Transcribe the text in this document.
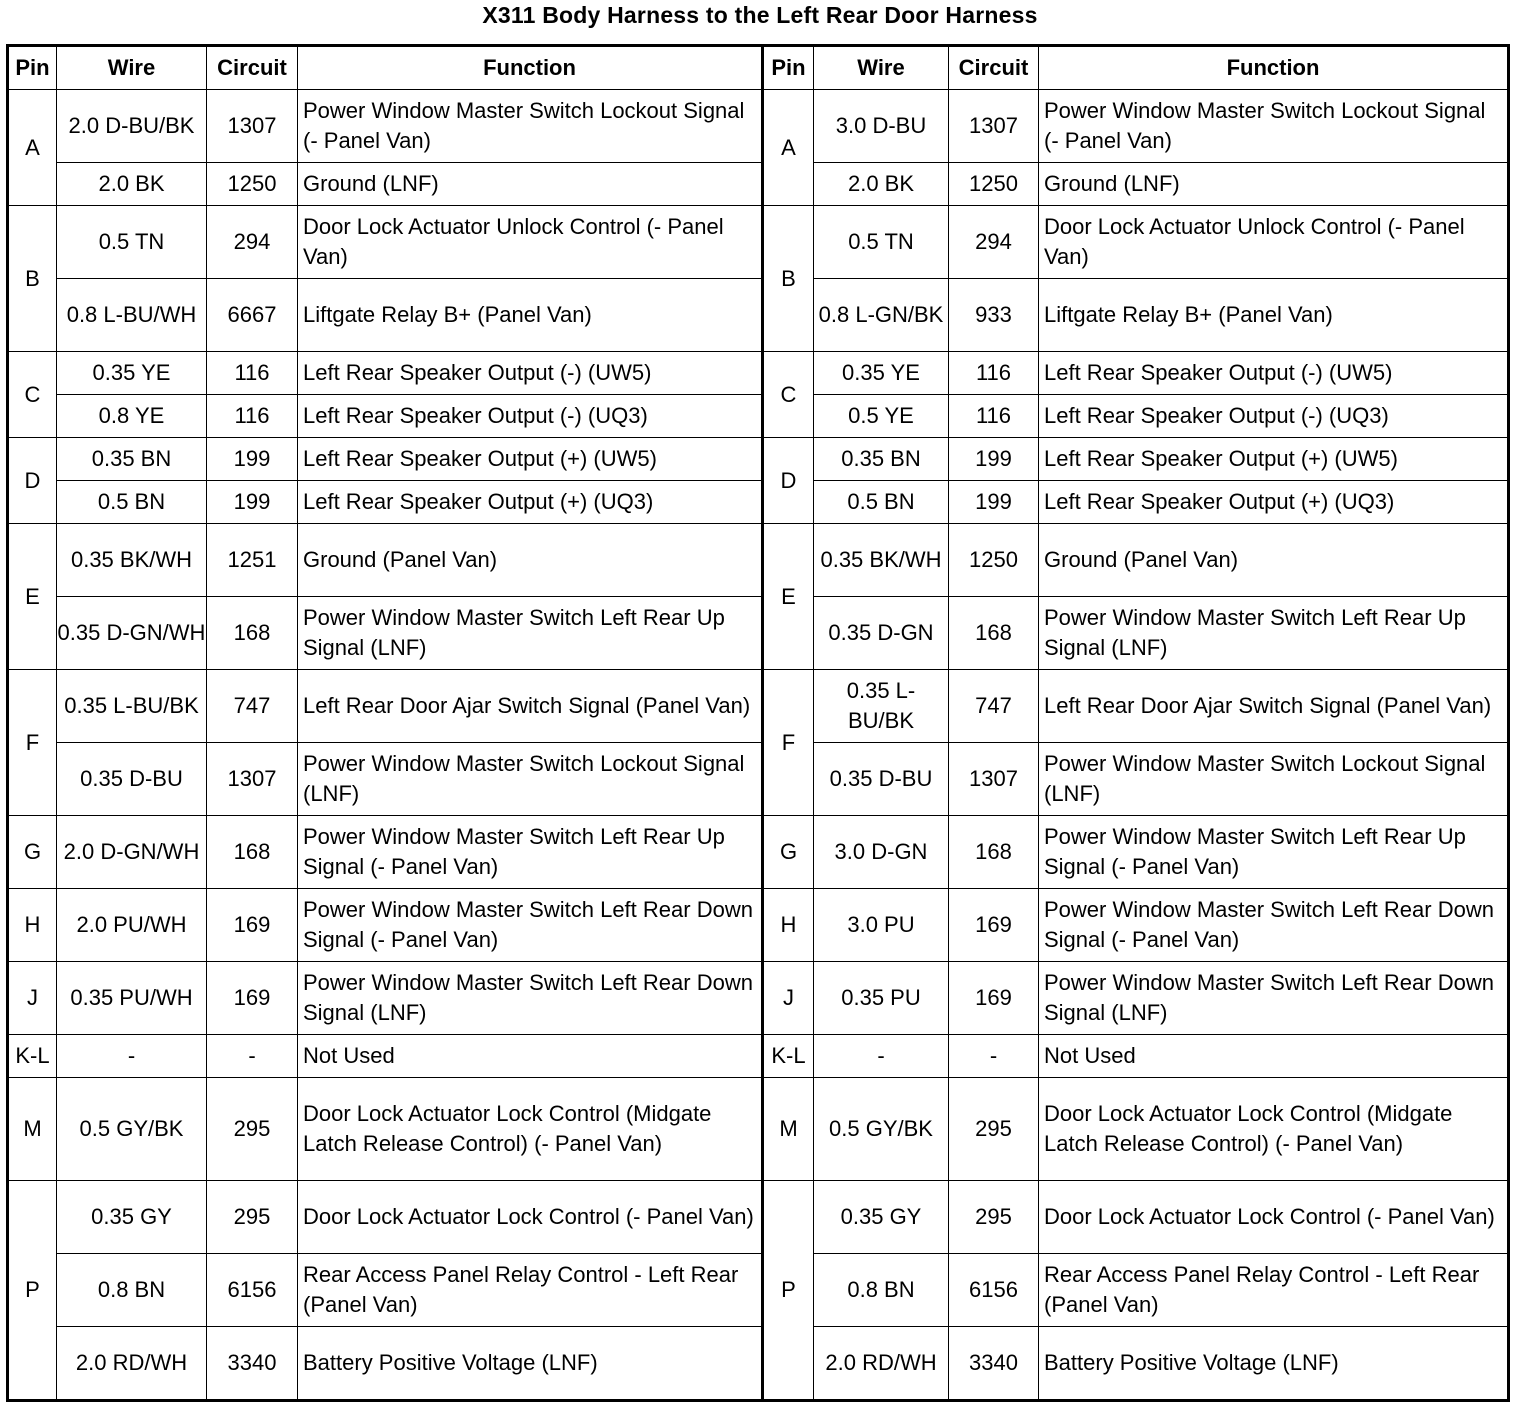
X311 Body Harness to the Left Rear Door Harness
Pin	Wire	Circuit	Function	Pin	Wire	Circuit	Function
A	2.0 D-BU/BK	1307	Power Window Master Switch Lockout Signal (- Panel Van)	A	3.0 D-BU	1307	Power Window Master Switch Lockout Signal (- Panel Van)
	2.0 BK	1250	Ground (LNF)		2.0 BK	1250	Ground (LNF)
B	0.5 TN	294	Door Lock Actuator Unlock Control (- Panel Van)	B	0.5 TN	294	Door Lock Actuator Unlock Control (- Panel Van)
	0.8 L-BU/WH	6667	Liftgate Relay B+ (Panel Van)		0.8 L-GN/BK	933	Liftgate Relay B+ (Panel Van)
C	0.35 YE	116	Left Rear Speaker Output (-) (UW5)	C	0.35 YE	116	Left Rear Speaker Output (-) (UW5)
	0.8 YE	116	Left Rear Speaker Output (-) (UQ3)		0.5 YE	116	Left Rear Speaker Output (-) (UQ3)
D	0.35 BN	199	Left Rear Speaker Output (+) (UW5)	D	0.35 BN	199	Left Rear Speaker Output (+) (UW5)
	0.5 BN	199	Left Rear Speaker Output (+) (UQ3)		0.5 BN	199	Left Rear Speaker Output (+) (UQ3)
E	0.35 BK/WH	1251	Ground (Panel Van)	E	0.35 BK/WH	1250	Ground (Panel Van)
	0.35 D-GN/WH	168	Power Window Master Switch Left Rear Up Signal (LNF)		0.35 D-GN	168	Power Window Master Switch Left Rear Up Signal (LNF)
F	0.35 L-BU/BK	747	Left Rear Door Ajar Switch Signal (Panel Van)	F	0.35 L-BU/BK	747	Left Rear Door Ajar Switch Signal (Panel Van)
	0.35 D-BU	1307	Power Window Master Switch Lockout Signal (LNF)		0.35 D-BU	1307	Power Window Master Switch Lockout Signal (LNF)
G	2.0 D-GN/WH	168	Power Window Master Switch Left Rear Up Signal (- Panel Van)	G	3.0 D-GN	168	Power Window Master Switch Left Rear Up Signal (- Panel Van)
H	2.0 PU/WH	169	Power Window Master Switch Left Rear Down Signal (- Panel Van)	H	3.0 PU	169	Power Window Master Switch Left Rear Down Signal (- Panel Van)
J	0.35 PU/WH	169	Power Window Master Switch Left Rear Down Signal (LNF)	J	0.35 PU	169	Power Window Master Switch Left Rear Down Signal (LNF)
K-L	-	-	Not Used	K-L	-	-	Not Used
M	0.5 GY/BK	295	Door Lock Actuator Lock Control (Midgate Latch Release Control) (- Panel Van)	M	0.5 GY/BK	295	Door Lock Actuator Lock Control (Midgate Latch Release Control) (- Panel Van)
P	0.35 GY	295	Door Lock Actuator Lock Control (- Panel Van)	P	0.35 GY	295	Door Lock Actuator Lock Control (- Panel Van)
	0.8 BN	6156	Rear Access Panel Relay Control - Left Rear (Panel Van)		0.8 BN	6156	Rear Access Panel Relay Control - Left Rear (Panel Van)
	2.0 RD/WH	3340	Battery Positive Voltage (LNF)		2.0 RD/WH	3340	Battery Positive Voltage (LNF)
